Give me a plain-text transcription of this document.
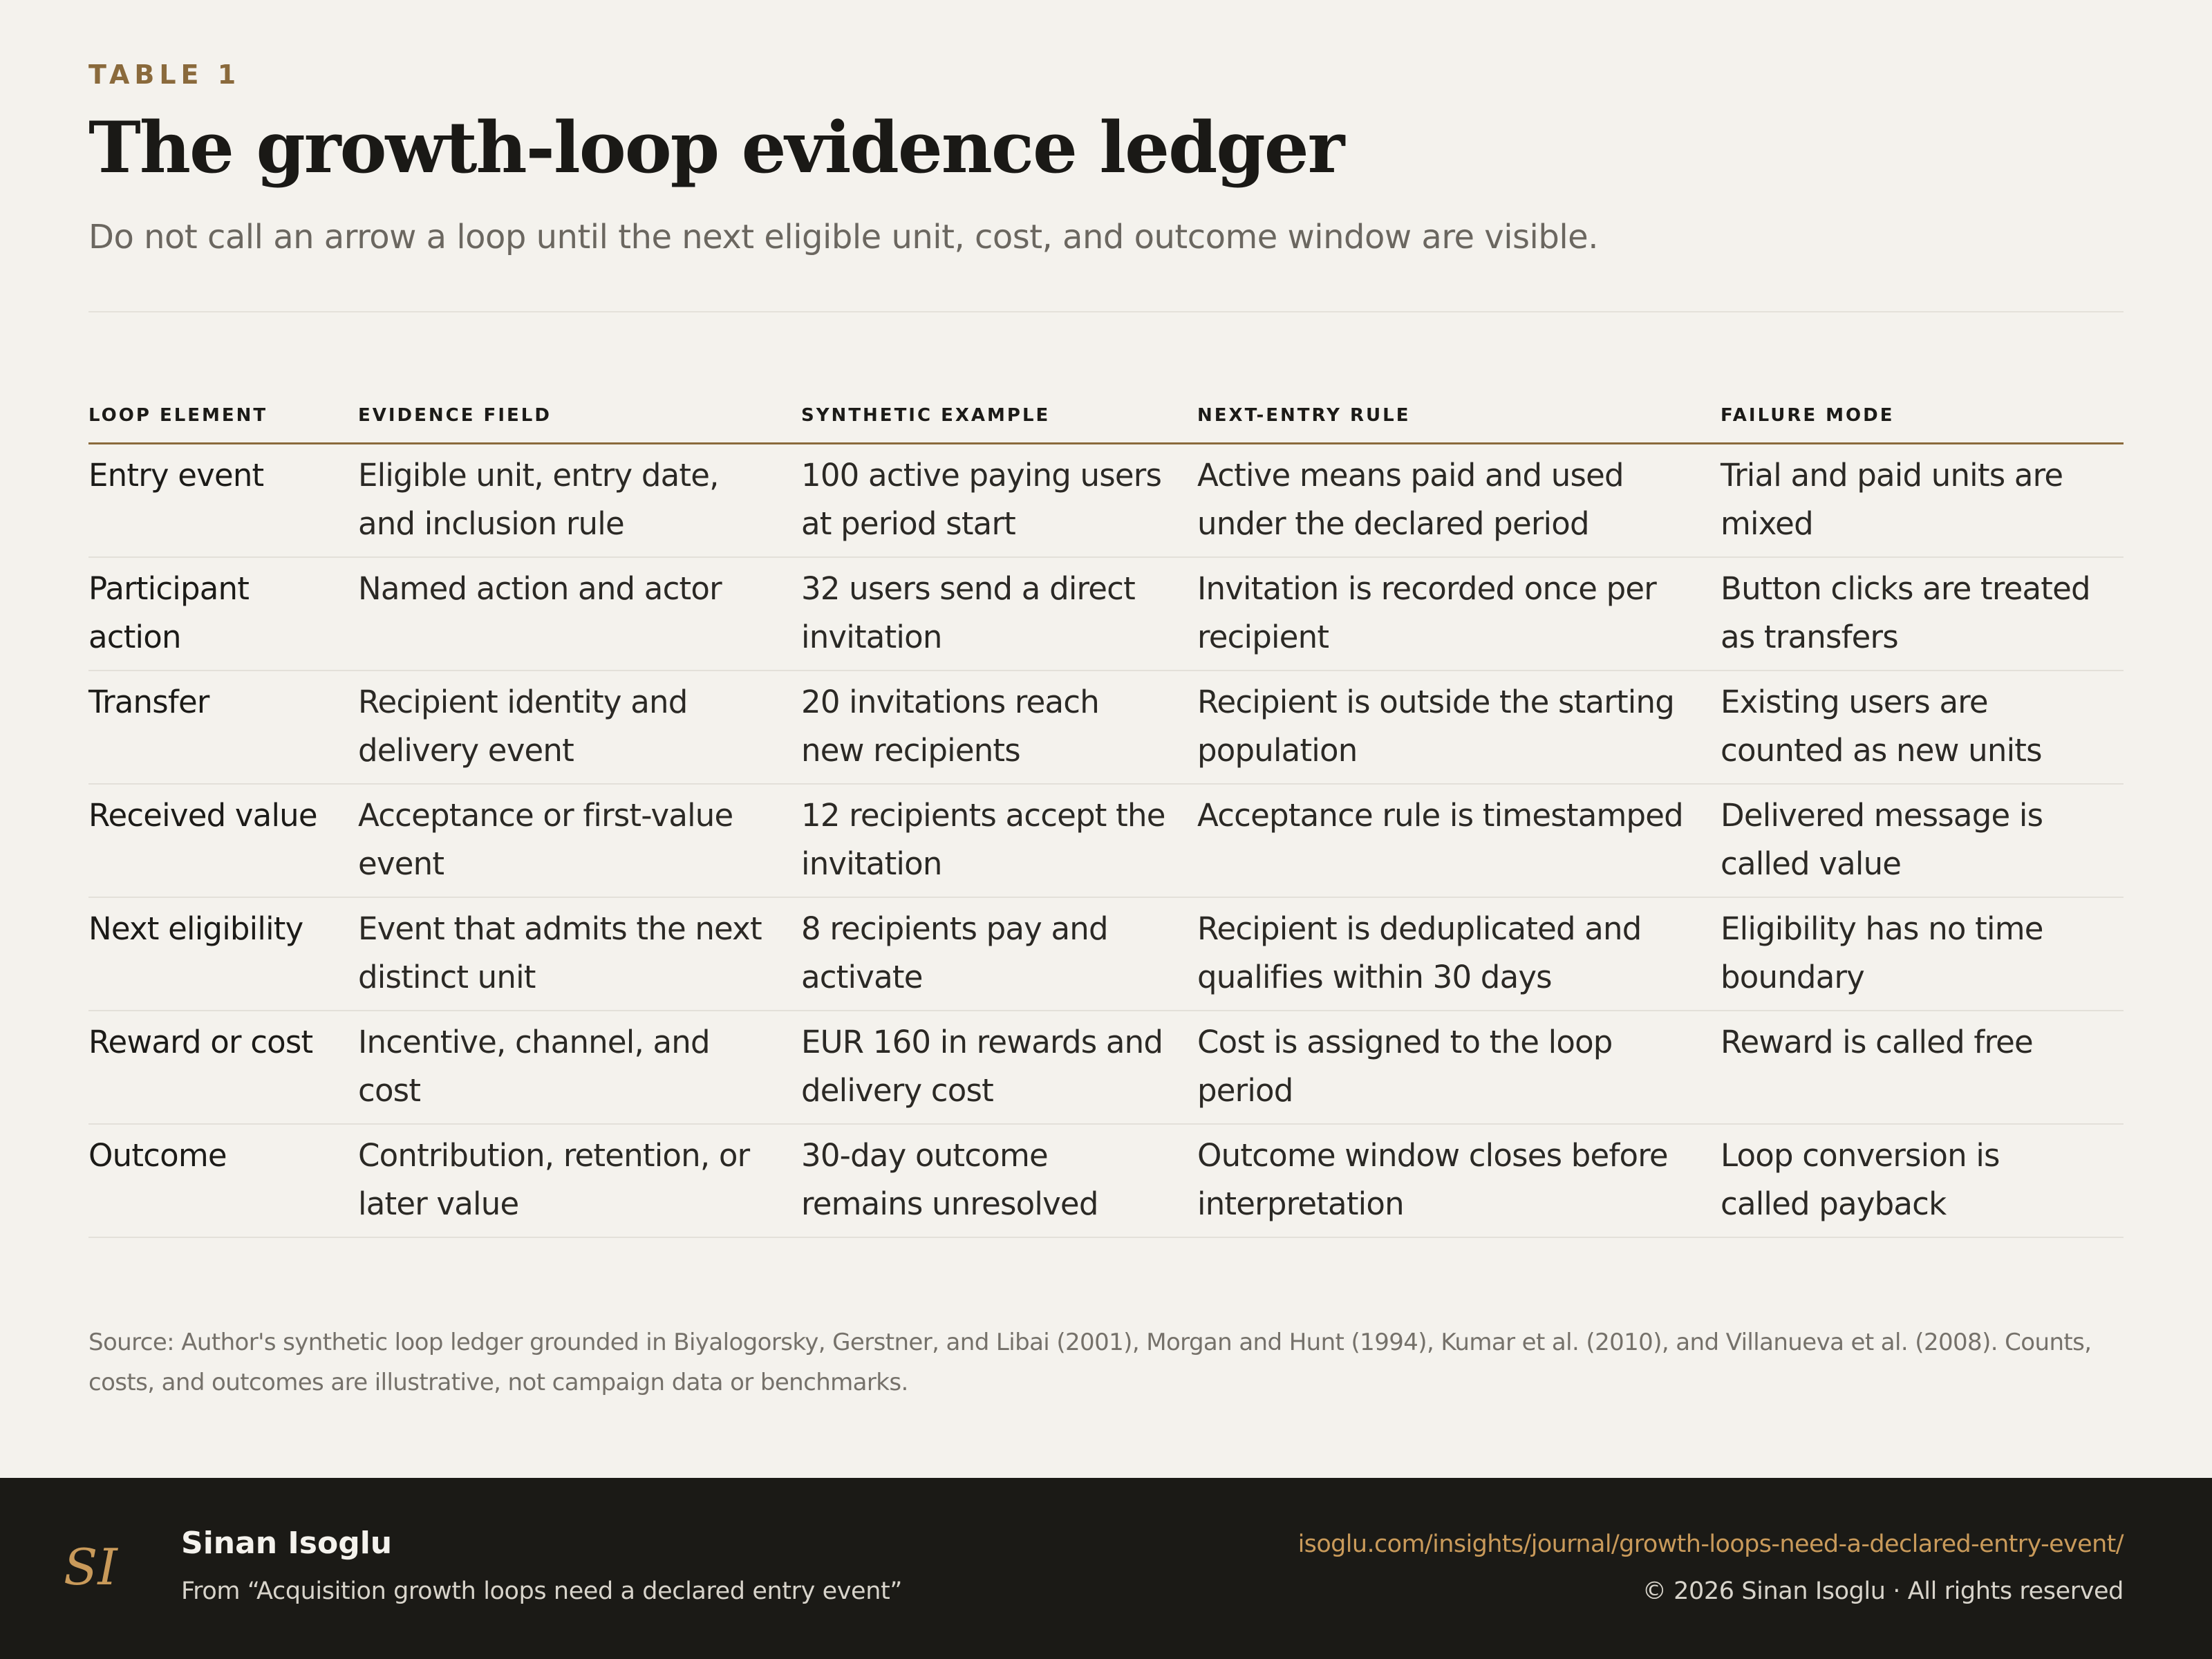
TABLE 1
The growth-loop evidence ledger

Do not call an arrow a loop until the next eligible unit, cost, and outcome window are visible.

LOOP ELEMENT	EVIDENCE FIELD	SYNTHETIC EXAMPLE	NEXT-ENTRY RULE	FAILURE MODE
Entry event	Eligible unit, entry date, and inclusion rule	100 active paying users at period start	Active means paid and used under the declared period	Trial and paid units are mixed
Participant action	Named action and actor	32 users send a direct invitation	Invitation is recorded once per recipient	Button clicks are treated as transfers
Transfer	Recipient identity and delivery event	20 invitations reach new recipients	Recipient is outside the starting population	Existing users are counted as new units
Received value	Acceptance or first-value event	12 recipients accept the invitation	Acceptance rule is timestamped	Delivered message is called value
Next eligibility	Event that admits the next distinct unit	8 recipients pay and activate	Recipient is deduplicated and qualifies within 30 days	Eligibility has no time boundary
Reward or cost	Incentive, channel, and cost	EUR 160 in rewards and delivery cost	Cost is assigned to the loop period	Reward is called free
Outcome	Contribution, retention, or later value	30-day outcome remains unresolved	Outcome window closes before interpretation	Loop conversion is called payback

Source: Author's synthetic loop ledger grounded in Biyalogorsky, Gerstner, and Libai (2001), Morgan and Hunt (1994), Kumar et al. (2010), and Villanueva et al. (2008). Counts, costs, and outcomes are illustrative, not campaign data or benchmarks.

SI Sinan Isoglu
From “Acquisition growth loops need a declared entry event”
isoglu.com/insights/journal/growth-loops-need-a-declared-entry-event/
© 2026 Sinan Isoglu · All rights reserved
